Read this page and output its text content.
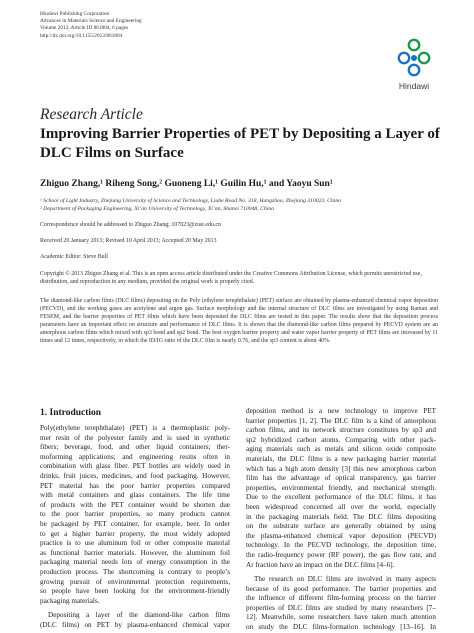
Hindawi Publishing Corporation
Advances in Materials Science and Engineering
Volume 2013, Article ID 861804, 6 pages
http://dx.doi.org/10.1155/2013/861804
Hindawi
Research Article
Improving Barrier Properties of PET by Depositing a Layer of
DLC Films on Surface
Zhiguo Zhang,¹ Riheng Song,² Guoneng Li,¹ Guilin Hu,¹ and Yaoyu Sun¹
¹ School of Light Industry, Zhejiang University of Science and Technology, Liuhe Road No. 318, Hangzhou, Zhejiang 310023, China
² Department of Packaging Engineering, Xi’an University of Technology, Xi’an, Shanxi 710048, China
Correspondence should be addressed to Zhiguo Zhang; 107023@zust.edu.cn
Received 20 January 2013; Revised 10 April 2013; Accepted 20 May 2013
Academic Editor: Steve Bull
Copyright © 2013 Zhiguo Zhang et al. This is an open access article distributed under the Creative Commons Attribution License, which permits unrestricted use, distribution, and reproduction in any medium, provided the original work is properly cited.
The diamond-like carbon films (DLC films) depositing on the Poly (ethylene terephthalate) (PET) surface are obtained by plasma-enhanced chemical vapor deposition (PECVD), and the working gases are acetylene and argon gas. Surface morphology and the internal structure of DLC films are investigated by using Raman and FESEM, and the barrier properties of PET films which have been deposited the DLC films are tested in this paper. The results show that the deposition process parameters have an important effect on structure and performance of DLC films. It is shown that the diamond-like carbon films prepared by PECVD system are an amorphous carbon films which mixed with sp3 bond and sp2 bond. The best oxygen barrier property and water vapor barrier property of PET films are increased by 11 times and 12 times, respectively, in which the ID/IG ratio of the DLC film is nearly 0.76, and the sp3 content is about 40%.
1. Introduction

Poly(ethylene terephthalate) (PET) is a thermoplastic poly-
mer resin of the polyester family and is used in synthetic
fibers; beverage, food, and other liquid containers; ther-
moforming applications; and engineering resins often in
combination with glass fiber. PET bottles are widely used in
drinks, fruit juices, medicines, and food packaging. However,
PET material has the poor barrier properties compared
with metal containers and glass containers. The life time
of products with the PET container would be shorten due
to the poor barrier properties, so many products cannot
be packaged by PET container, for example, beer. In order
to get a higher barrier property, the most widely adopted
practice is to use aluminum foil or other composite material
as functional barrier materials. However, the aluminum foil
packaging material needs lots of energy consumption in the
production process. The shortcoming is contrary to people’s
growing pursuit of environmental protection requirements,
so people have been looking for the environment-friendly
packaging materials.

Depositing a layer of the diamond-like carbon films
(DLC films) on PET by plasma-enhanced chemical vapor

deposition method is a new technology to improve PET
barrier properties [1, 2]. The DLC film is a kind of amorphous
carbon films, and its network structure constitutes by sp3 and
sp2 hybridized carbon atoms. Comparing with other pack-
aging materials such as metals and silicon oxide composite
materials, the DLC films is a new packaging barrier material
which has a high atom density [3] this new amorphous carbon
film has the advantage of optical transparency, gas barrier
properties, environmental friendly, and mechanical strength.
Due to the excellent performance of the DLC films, it has
been widespread concerned all over the world, especially
in the packaging materials field. The DLC films depositing
on the substrate surface are generally obtained by using
the plasma-enhanced chemical vapor deposition (PECVD)
technology. In the PECVD technology, the deposition time,
the radio-frequency power (RF power), the gas flow rate, and
Ar fraction have an impact on the DLC films [4–6].

The research on DLC films are involved in many aspects
because of its good performance. The barrier properties and
the influence of different film-forming process on the barrier
properties of DLC films are studied by many researchers [7–
12]. Meanwhile, some researchers have taken much attention
on study the DLC films-formation technology [13–16]. In
